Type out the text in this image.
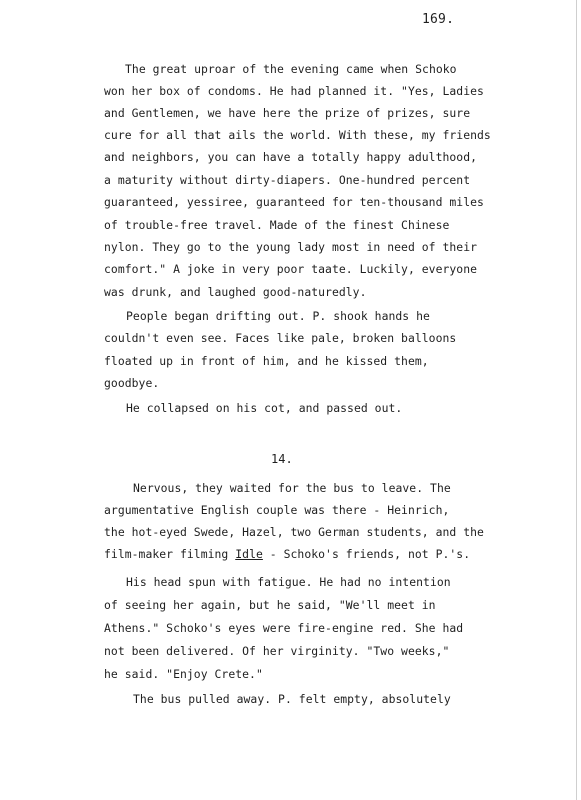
169.
The great uproar of the evening came when Schoko
won her box of condoms. He had planned it. "Yes, Ladies
and Gentlemen, we have here the prize of prizes, sure
cure for all that ails the world. With these, my friends
and neighbors, you can have a totally happy adulthood,
a maturity without dirty-diapers. One-hundred percent
guaranteed, yessiree, guaranteed for ten-thousand miles
of trouble-free travel. Made of the finest Chinese
nylon. They go to the young lady most in need of their
comfort." A joke in very poor taate. Luckily, everyone
was drunk, and laughed good-naturedly.
People began drifting out. P. shook hands he
couldn't even see. Faces like pale, broken balloons
floated up in front of him, and he kissed them,
goodbye.
He collapsed on his cot, and passed out.
14.
Nervous, they waited for the bus to leave. The
argumentative English couple was there - Heinrich,
the hot-eyed Swede, Hazel, two German students, and the
film-maker filming Idle - Schoko's friends, not P.'s.
His head spun with fatigue. He had no intention
of seeing her again, but he said, "We'll meet in
Athens." Schoko's eyes were fire-engine red. She had
not been delivered. Of her virginity. "Two weeks,"
he said. "Enjoy Crete."
The bus pulled away. P. felt empty, absolutely
